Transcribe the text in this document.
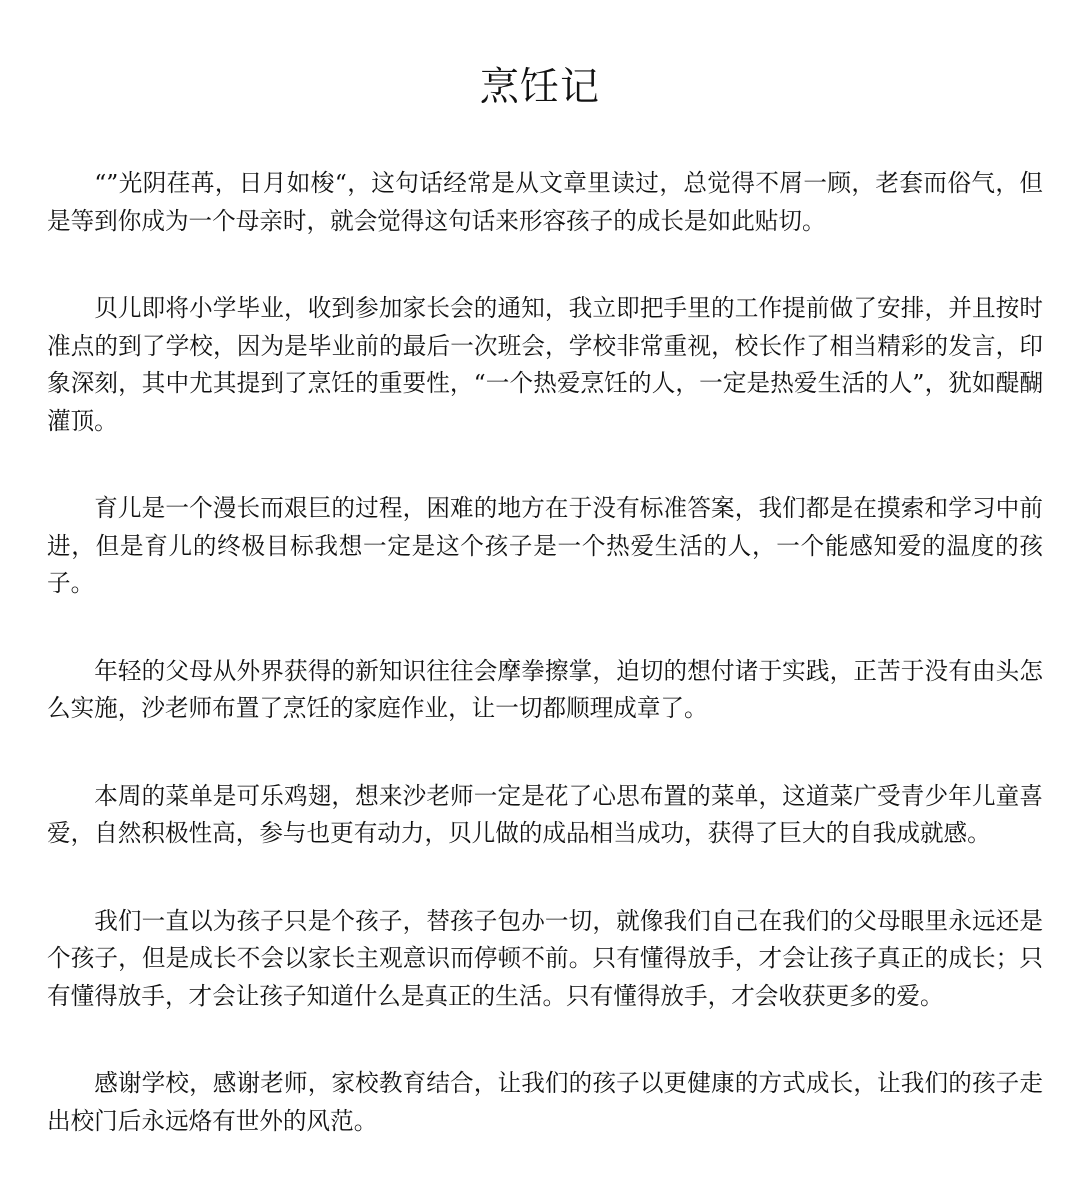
烹饪记

“”光阴荏苒，日月如梭“，这句话经常是从文章里读过，总觉得不屑一顾，老套而俗气，但是等到你成为一个母亲时，就会觉得这句话来形容孩子的成长是如此贴切。

贝儿即将小学毕业，收到参加家长会的通知，我立即把手里的工作提前做了安排，并且按时准点的到了学校，因为是毕业前的最后一次班会，学校非常重视，校长作了相当精彩的发言，印象深刻，其中尤其提到了烹饪的重要性，“一个热爱烹饪的人，一定是热爱生活的人”，犹如醍醐灌顶。

育儿是一个漫长而艰巨的过程，困难的地方在于没有标准答案，我们都是在摸索和学习中前进，但是育儿的终极目标我想一定是这个孩子是一个热爱生活的人，一个能感知爱的温度的孩子。

年轻的父母从外界获得的新知识往往会摩拳擦掌，迫切的想付诸于实践，正苦于没有由头怎么实施，沙老师布置了烹饪的家庭作业，让一切都顺理成章了。

本周的菜单是可乐鸡翅，想来沙老师一定是花了心思布置的菜单，这道菜广受青少年儿童喜爱，自然积极性高，参与也更有动力，贝儿做的成品相当成功，获得了巨大的自我成就感。

我们一直以为孩子只是个孩子，替孩子包办一切，就像我们自己在我们的父母眼里永远还是个孩子，但是成长不会以家长主观意识而停顿不前。只有懂得放手，才会让孩子真正的成长；只有懂得放手，才会让孩子知道什么是真正的生活。只有懂得放手，才会收获更多的爱。

感谢学校，感谢老师，家校教育结合，让我们的孩子以更健康的方式成长，让我们的孩子走出校门后永远烙有世外的风范。
